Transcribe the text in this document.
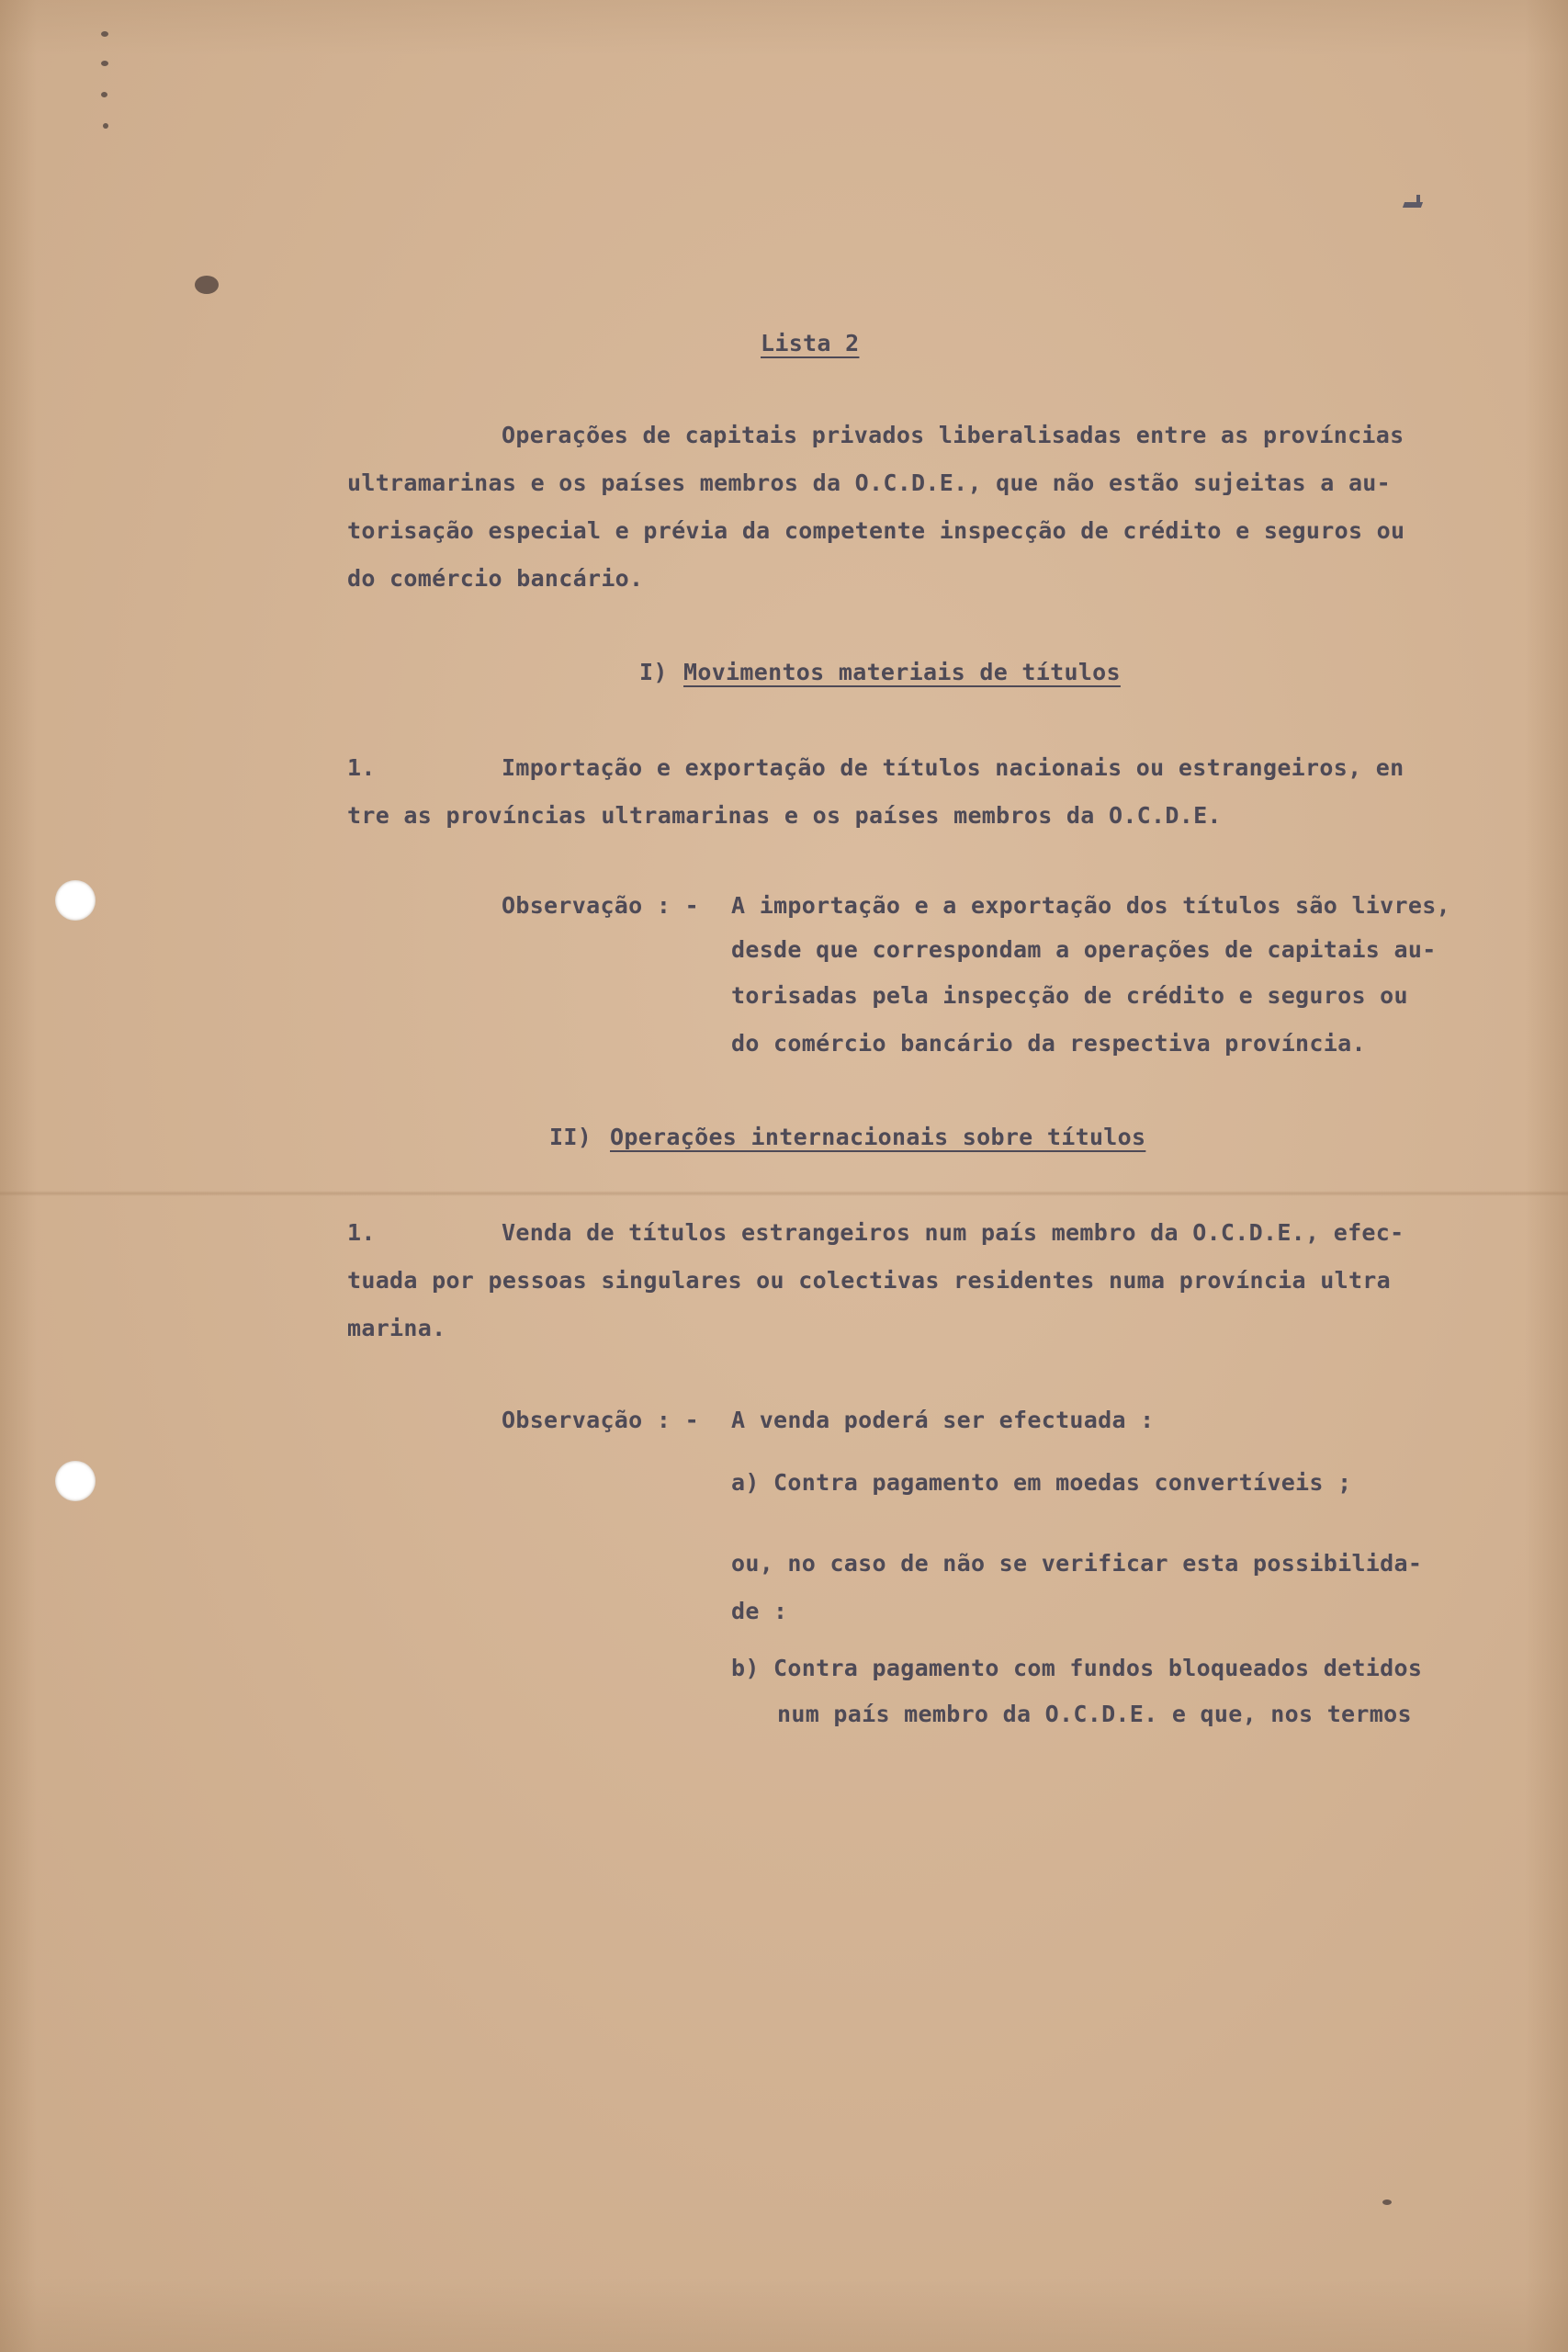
Lista 2
Operações de capitais privados liberalisadas entre as províncias
ultramarinas e os países membros da O.C.D.E., que não estão sujeitas a au-
torisação especial e prévia da competente inspecção de crédito e seguros ou
do comércio bancário.
I) Movimentos materiais de títulos
1.	Importação e exportação de títulos nacionais ou estrangeiros, en
tre as províncias ultramarinas e os países membros da O.C.D.E.
Observação : - A importação e a exportação dos títulos são livres,
desde que correspondam a operações de capitais au-
torisadas pela inspecção de crédito e seguros ou
do comércio bancário da respectiva província.
II) Operações internacionais sobre títulos
1.	Venda de títulos estrangeiros num país membro da O.C.D.E., efec-
tuada por pessoas singulares ou colectivas residentes numa província ultra
marina.
Observação : - A venda poderá ser efectuada :
a) Contra pagamento em moedas convertíveis ;
ou, no caso de não se verificar esta possibilida-
de :
b) Contra pagamento com fundos bloqueados detidos
num país membro da O.C.D.E. e que, nos termos
